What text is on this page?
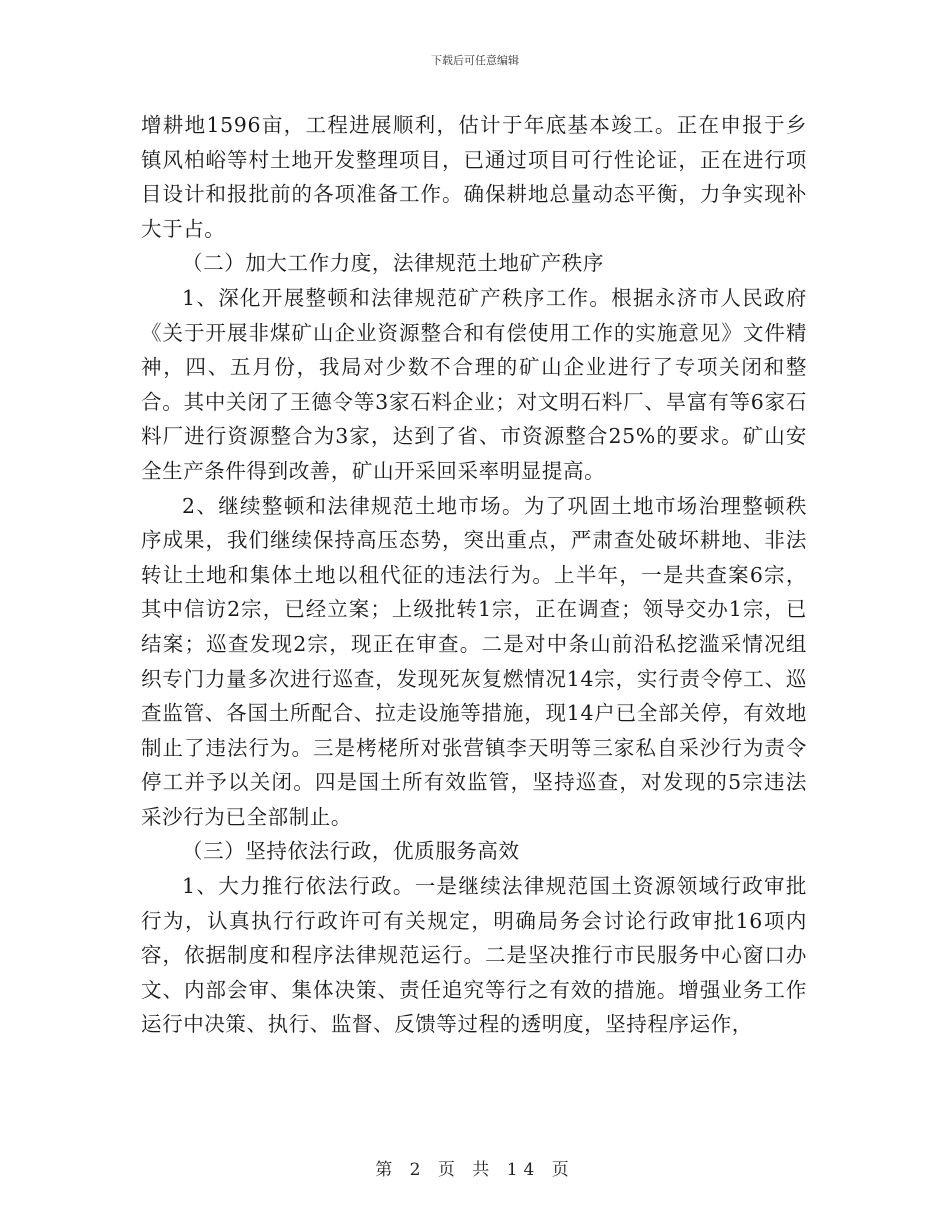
下载后可任意编辑

增耕地1596亩，工程进展顺利，估计于年底基本竣工。正在申报于乡镇风柏峪等村土地开发整理项目，已通过项目可行性论证，正在进行项目设计和报批前的各项准备工作。确保耕地总量动态平衡，力争实现补大于占。

（二）加大工作力度，法律规范土地矿产秩序

1、深化开展整顿和法律规范矿产秩序工作。根据永济市人民政府《关于开展非煤矿山企业资源整合和有偿使用工作的实施意见》文件精神，四、五月份，我局对少数不合理的矿山企业进行了专项关闭和整合。其中关闭了王德令等3家石料企业；对文明石料厂、旱富有等6家石料厂进行资源整合为3家，达到了省、市资源整合25%的要求。矿山安全生产条件得到改善，矿山开采回采率明显提高。

2、继续整顿和法律规范土地市场。为了巩固土地市场治理整顿秩序成果，我们继续保持高压态势，突出重点，严肃查处破坏耕地、非法转让土地和集体土地以租代征的违法行为。上半年，一是共查案6宗，其中信访2宗，已经立案；上级批转1宗，正在调查；领导交办1宗，已结案；巡查发现2宗，现正在审查。二是对中条山前沿私挖滥采情况组织专门力量多次进行巡查，发现死灰复燃情况14宗，实行责令停工、巡查监管、各国土所配合、拉走设施等措施，现14户已全部关停，有效地制止了违法行为。三是栲栳所对张营镇李天明等三家私自采沙行为责令停工并予以关闭。四是国土所有效监管，坚持巡查，对发现的5宗违法采沙行为已全部制止。

（三）坚持依法行政，优质服务高效

1、大力推行依法行政。一是继续法律规范国土资源领域行政审批行为，认真执行行政许可有关规定，明确局务会讨论行政审批16项内容，依据制度和程序法律规范运行。二是坚决推行市民服务中心窗口办文、内部会审、集体决策、责任追究等行之有效的措施。增强业务工作运行中决策、执行、监督、反馈等过程的透明度，坚持程序运作，

第 2 页 共 14 页
